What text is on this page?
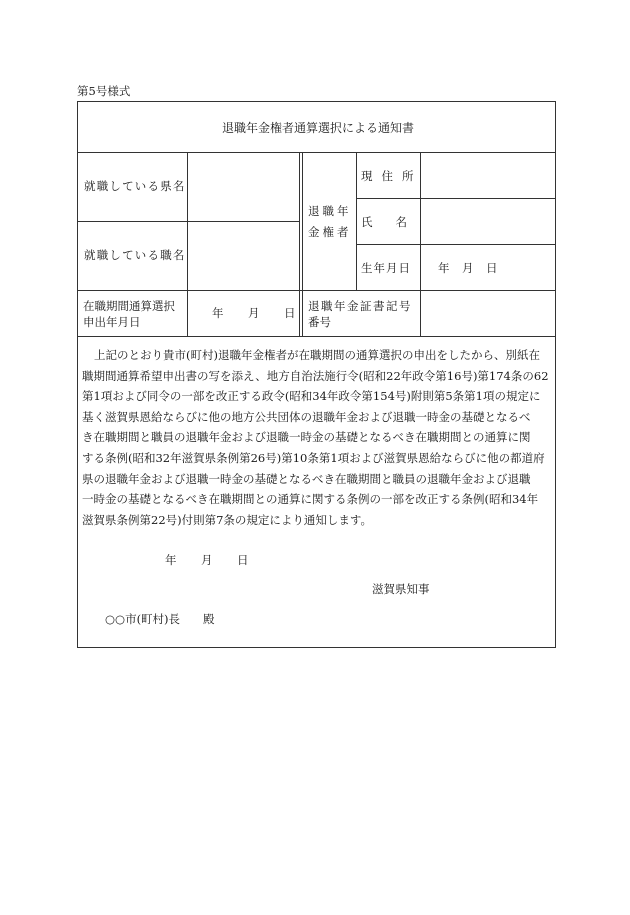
第5号様式
退職年金権者通算選択による通知書
就職している県名
就職している職名
在職期間通算選択
申出年月日
年 月 日
退職年
金権者
現住所
氏　　名
生年月日 年 月 日
退職年金証書記号
番号
上記のとおり貴市(町村)退職年金権者が在職期間の通算選択の申出をしたから、別紙在
職期間通算希望申出書の写を添え、地方自治法施行令(昭和22年政令第16号)第174条の62
第1項および同令の一部を改正する政令(昭和34年政令第154号)附則第5条第1項の規定に
基く滋賀県恩給ならびに他の地方公共団体の退職年金および退職一時金の基礎となるべ
き在職期間と職員の退職年金および退職一時金の基礎となるべき在職期間との通算に関
する条例(昭和32年滋賀県条例第26号)第10条第1項および滋賀県恩給ならびに他の都道府
県の退職年金および退職一時金の基礎となるべき在職期間と職員の退職年金および退職
一時金の基礎となるべき在職期間との通算に関する条例の一部を改正する条例(昭和34年
滋賀県条例第22号)付則第7条の規定により通知します。
年 月 日
滋賀県知事
○○市(町村)長　　殿
